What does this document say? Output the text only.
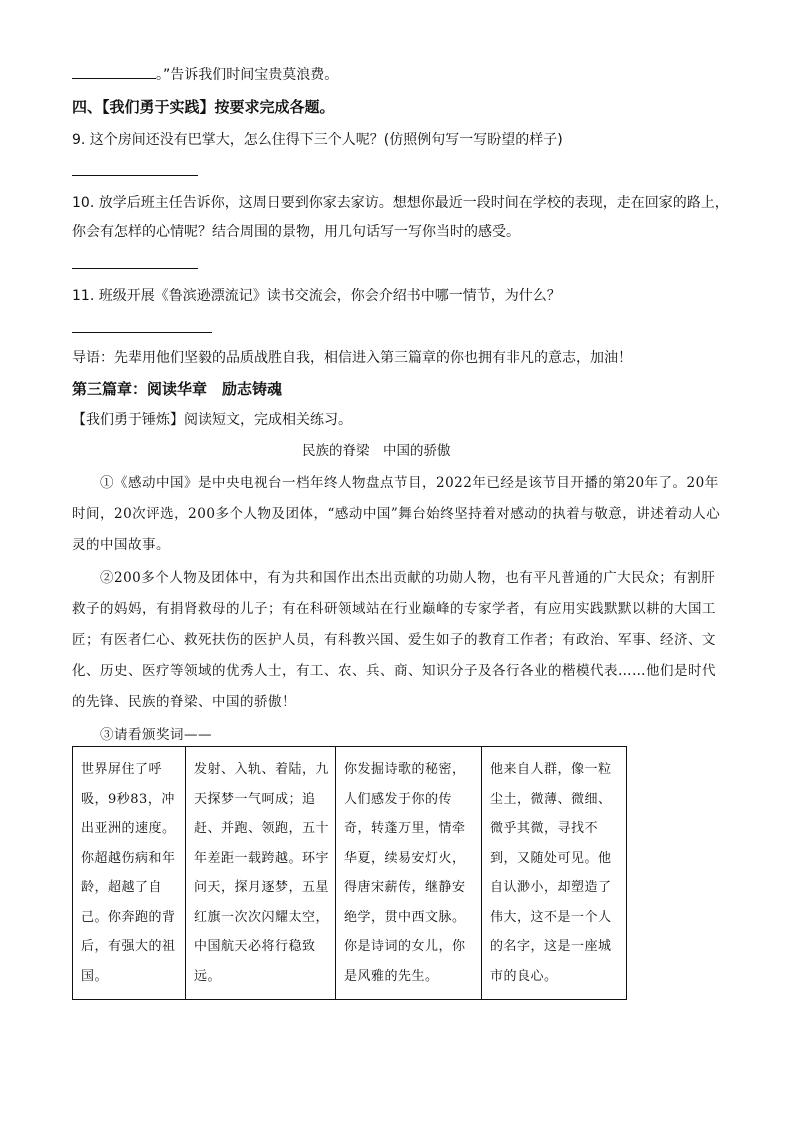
。”告诉我们时间宝贵莫浪费。
四、【我们勇于实践】按要求完成各题。
9. 这个房间还没有巴掌大，怎么住得下三个人呢？(仿照例句写一写盼望的样子)
10. 放学后班主任告诉你，这周日要到你家去家访。想想你最近一段时间在学校的表现，走在回家的路上，
你会有怎样的心情呢？结合周围的景物，用几句话写一写你当时的感受。
11. 班级开展《鲁滨逊漂流记》读书交流会，你会介绍书中哪一情节，为什么？
导语：先辈用他们坚毅的品质战胜自我，相信进入第三篇章的你也拥有非凡的意志，加油！
第三篇章：阅读华章　励志铸魂
【我们勇于锤炼】阅读短文，完成相关练习。
民族的脊梁　中国的骄傲

①《感动中国》是中央电视台一档年终人物盘点节目，2022年已经是该节目开播的第20年了。20年时间，20次评选，200多个人物及团体，“感动中国”舞台始终坚持着对感动的执着与敬意，讲述着动人心灵的中国故事。

②200多个人物及团体中，有为共和国作出杰出贡献的功勋人物，也有平凡普通的广大民众；有割肝救子的妈妈，有捐肾救母的儿子；有在科研领域站在行业巅峰的专家学者，有应用实践默默以耕的大国工匠；有医者仁心、救死扶伤的医护人员，有科教兴国、爱生如子的教育工作者；有政治、军事、经济、文化、历史、医疗等领域的优秀人士，有工、农、兵、商、知识分子及各行各业的楷模代表……他们是时代的先锋、民族的脊梁、中国的骄傲！

③请看颁奖词——

世界屏住了呼吸，9秒83，冲出亚洲的速度。你超越伤病和年龄，超越了自己。你奔跑的背后，有强大的祖国。	发射、入轨、着陆，九天探梦一气呵成；追赶、并跑、领跑，五十年差距一载跨越。环宇问天，探月逐梦，五星红旗一次次闪耀太空，中国航天必将行稳致远。	你发掘诗歌的秘密，人们感发于你的传奇，转蓬万里，情牵华夏，续易安灯火，得唐宋薪传，继静安绝学，贯中西文脉。你是诗词的女儿，你是风雅的先生。	他来自人群，像一粒尘土，微薄、微细、微乎其微，寻找不到，又随处可见。他自认渺小，却塑造了伟大，这不是一个人的名字，这是一座城市的良心。
